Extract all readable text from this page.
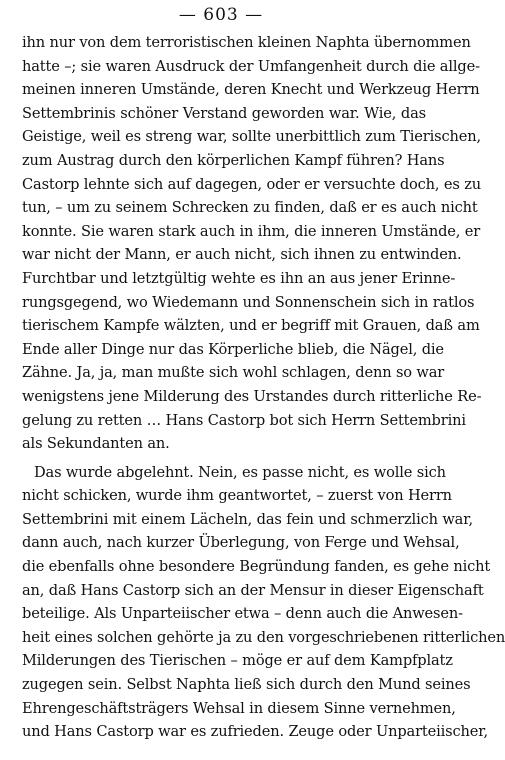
— 603 —
ihn nur von dem terroristischen kleinen Naphta übernommen
hatte –; sie waren Ausdruck der Umfangenheit durch die allge-
meinen inneren Umstände, deren Knecht und Werkzeug Herrn
Settembrinis schöner Verstand geworden war. Wie, das
Geistige, weil es streng war, sollte unerbittlich zum Tierischen,
zum Austrag durch den körperlichen Kampf führen? Hans
Castorp lehnte sich auf dagegen, oder er versuchte doch, es zu
tun, – um zu seinem Schrecken zu finden, daß er es auch nicht
konnte. Sie waren stark auch in ihm, die inneren Umstände, er
war nicht der Mann, er auch nicht, sich ihnen zu entwinden.
Furchtbar und letztgültig wehte es ihn an aus jener Erinne-
rungsgegend, wo Wiedemann und Sonnenschein sich in ratlos
tierischem Kampfe wälzten, und er begriff mit Grauen, daß am
Ende aller Dinge nur das Körperliche blieb, die Nägel, die
Zähne. Ja, ja, man mußte sich wohl schlagen, denn so war
wenigstens jene Milderung des Urstandes durch ritterliche Re-
gelung zu retten … Hans Castorp bot sich Herrn Settembrini
als Sekundanten an.
Das wurde abgelehnt. Nein, es passe nicht, es wolle sich
nicht schicken, wurde ihm geantwortet, – zuerst von Herrn
Settembrini mit einem Lächeln, das fein und schmerzlich war,
dann auch, nach kurzer Überlegung, von Ferge und Wehsal,
die ebenfalls ohne besondere Begründung fanden, es gehe nicht
an, daß Hans Castorp sich an der Mensur in dieser Eigenschaft
beteilige. Als Unparteiischer etwa – denn auch die Anwesen-
heit eines solchen gehörte ja zu den vorgeschriebenen ritterlichen
Milderungen des Tierischen – möge er auf dem Kampfplatz
zugegen sein. Selbst Naphta ließ sich durch den Mund seines
Ehrengeschäftsträgers Wehsal in diesem Sinne vernehmen,
und Hans Castorp war es zufrieden. Zeuge oder Unparteiischer,
